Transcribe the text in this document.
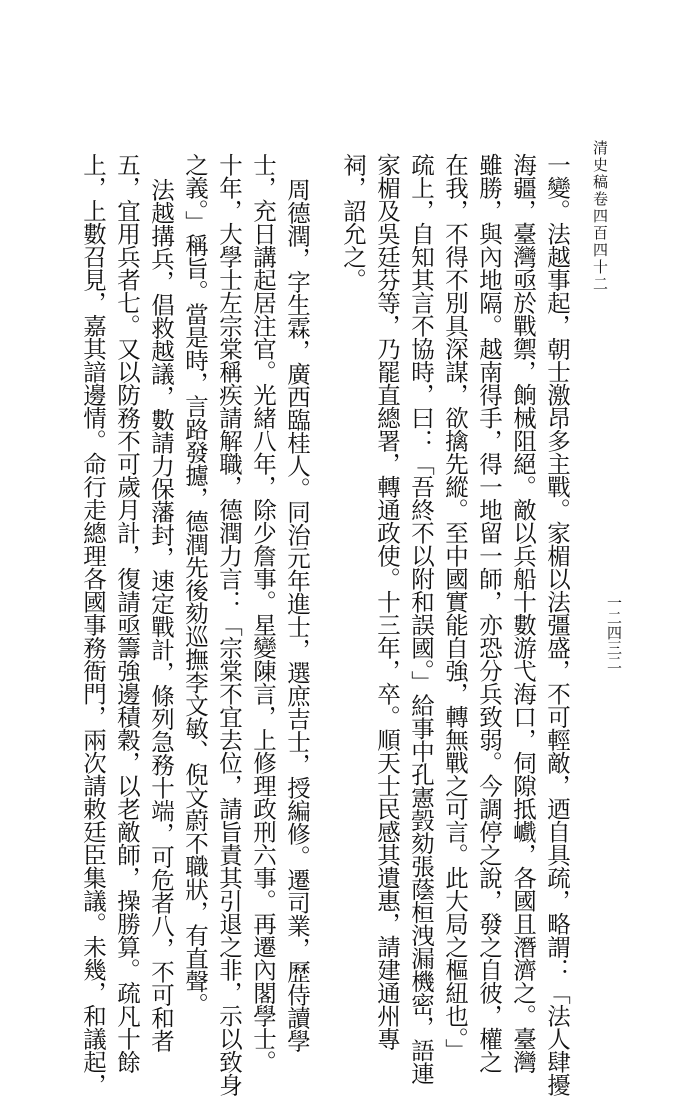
清史稿卷四百四十二
一二四三二
一變。法越事起，朝士激昂多主戰。家楣以法彊盛，不可輕敵，迺自具疏，略謂：「法人肆擾
海疆，臺灣亟於戰禦，餉械阻絕。敵以兵船十數游弋海口，伺隙抵巇，各國且潛濟之。臺灣
雖勝，與內地隔。越南得手，得一地留一師，亦恐分兵致弱。今調停之說，發之自彼，權之
在我，不得不別具深謀，欲擒先縱。至中國實能自強，轉無戰之可言。此大局之樞紐也。」
疏上，自知其言不協時，曰：「吾終不以附和誤國。」給事中孔憲瑴劾張蔭桓洩漏機密，語連
家楣及吳廷芬等，乃罷直總署，轉通政使。十三年，卒。順天士民感其遺惠，請建通州專
祠，詔允之。
周德潤，字生霖，廣西臨桂人。同治元年進士，選庶吉士，授編修。遷司業，歷侍讀學
士，充日講起居注官。光緒八年，除少詹事。星變陳言，上修理政刑六事。再遷內閣學士。
十年，大學士左宗棠稱疾請解職，德潤力言：「宗棠不宜去位，請旨責其引退之非，示以致身
之義。」稱旨。當是時，言路發攄，德潤先後劾巡撫李文敏、倪文蔚不職狀，有直聲。
法越搆兵，倡救越議，數請力保藩封，速定戰計，條列急務十端，可危者八，不可和者
五，宜用兵者七。又以防務不可歲月計，復請亟籌強邊積穀，以老敵師，操勝算。疏凡十餘
上，上數召見，嘉其諳邊情。命行走總理各國事務衙門，兩次請敕廷臣集議。未幾，和議起，
